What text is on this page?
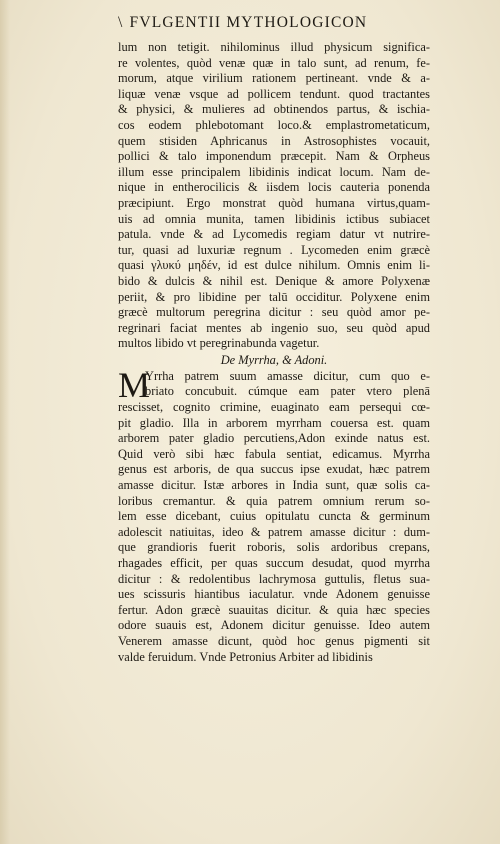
\ FVLGENTII MYTHOLOGICON
lum non tetigit. nihilominus illud physicum significa-
re volentes, quòd venæ quæ in talo sunt, ad renum, fe-
morum, atque virilium rationem pertineant. vnde & a-
liquæ venæ vsque ad pollicem tendunt. quod tractantes
& physici, & mulieres ad obtinendos partus, & ischia-
cos eodem phlebotomant loco.& emplastrometaticum,
quem stisiden Aphricanus in Astrosophistes vocauit,
pollici & talo imponendum præcepit. Nam & Orpheus
illum esse principalem libidinis indicat locum. Nam de-
nique in entherocilicis & iisdem locis cauteria ponenda
præcipiunt. Ergo monstrat quòd humana virtus,quam-
uis ad omnia munita, tamen libidinis ictibus subiacet
patula. vnde & ad Lycomedis regiam datur vt nutrire-
tur, quasi ad luxuriæ regnum . Lycomeden enim græcè
quasi γλυκύ μηδέν, id est dulce nihilum. Omnis enim li-
bido & dulcis & nihil est. Denique & amore Polyxenæ
periit, & pro libidine per talū occiditur. Polyxene enim
græcè multorum peregrina dicitur : seu quòd amor pe-
regrinari faciat mentes ab ingenio suo, seu quòd apud
multos libido vt peregrinabunda vagetur.
De Myrrha, & Adoni.
M
Yrrha patrem suum amasse dicitur, cum quo e-
briato concubuit. cúmque eam pater vtero plenā
rescisset, cognito crimine, euaginato eam persequi cœ-
pit gladio. Illa in arborem myrrham couersa est. quam
arborem pater gladio percutiens,Adon exinde natus est.
Quid verò sibi hæc fabula sentiat, edicamus. Myrrha
genus est arboris, de qua succus ipse exudat, hæc patrem
amasse dicitur. Istæ arbores in India sunt, quæ solis ca-
loribus cremantur. & quia patrem omnium rerum so-
lem esse dicebant, cuius opitulatu cuncta & germinum
adolescit natiuitas, ideo & patrem amasse dicitur : dum-
que grandioris fuerit roboris, solis ardoribus crepans,
rhagades efficit, per quas succum desudat, quod myrrha
dicitur : & redolentibus lachrymosa guttulis, fletus sua-
ues scissuris hiantibus iaculatur. vnde Adonem genuisse
fertur. Adon græcè suauitas dicitur. & quia hæc species
odore suauis est, Adonem dicitur genuisse. Ideo autem
Venerem amasse dicunt, quòd hoc genus pigmenti sit
valde feruidum. Vnde Petronius Arbiter ad libidinis
